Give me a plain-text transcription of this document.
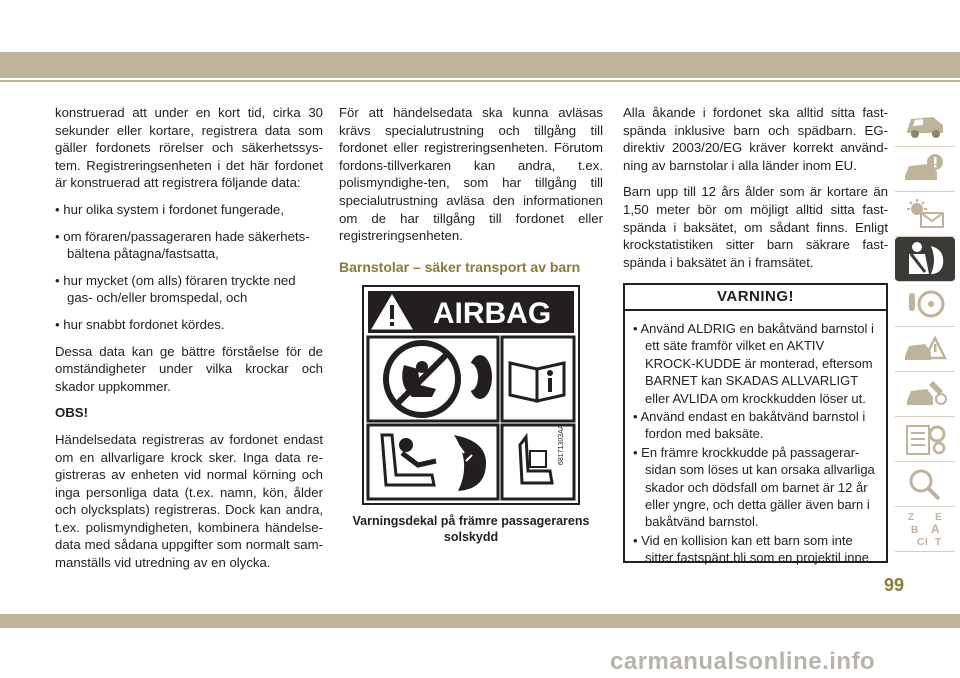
konstruerad att under en kort tid, cirka 30 sekunder eller kortare, registrera data som gäller fordonets rörelser och säkerhetssys-tem. Registreringsenheten i det här fordonet är konstruerad att registrera följande data:

• hur olika system i fordonet fungerade,

• om föraren/passageraren hade säkerhets-bältena påtagna/fastsatta,

• hur mycket (om alls) föraren tryckte ned gas- och/eller bromspedal, och

• hur snabbt fordonet kördes.

Dessa data kan ge bättre förståelse för de omständigheter under vilka krockar och skador uppkommer.

OBS!

Händelsedata registreras av fordonet endast om en allvarligare krock sker. Inga data re-gistreras av enheten vid normal körning och inga personliga data (t.ex. namn, kön, ålder och olycksplats) registreras. Dock kan andra, t.ex. polismyndigheten, kombinera händelse-data med sådana uppgifter som normalt sam-manställs vid utredning av en olycka.

För att händelsedata ska kunna avläsas krävs specialutrustning och tillgång till fordonet eller registreringsenheten. Förutom fordons-tillverkaren kan andra, t.ex. polismyndighe-ten, som har tillgång till specialutrustning avläsa den informationen om de har tillgång till fordonet eller registreringsenheten.

Barnstolar – säker transport av barn
AIRBAG
68171303AA
Varningsdekal på främre passagerarens solskydd

Alla åkande i fordonet ska alltid sitta fast-spända inklusive barn och spädbarn. EG-direktiv 2003/20/EG kräver korrekt använd-ning av barnstolar i alla länder inom EU.

Barn upp till 12 års ålder som är kortare än 1,50 meter bör om möjligt alltid sitta fast-spända i baksätet, om sådant finns. Enligt krockstatistiken sitter barn säkrare fast-spända i baksätet än i framsätet.

VARNING!
• Använd ALDRIG en bakåtvänd barnstol i ett säte framför vilket en AKTIV KROCK-KUDDE är monterad, eftersom BARNET kan SKADAS ALLVARLIGT eller AVLIDA om krockkudden löser ut.
• Använd endast en bakåtvänd barnstol i fordon med baksäte.
• En främre krockkudde på passagerar-sidan som löses ut kan orsaka allvarliga skador och dödsfall om barnet är 12 år eller yngre, och detta gäller även barn i bakåtvänd barnstol.
• Vid en kollision kan ett barn som inte sitter fastspänt bli som en projektil inne
Z E
B A
C I T
99
carmanualsonline.info
